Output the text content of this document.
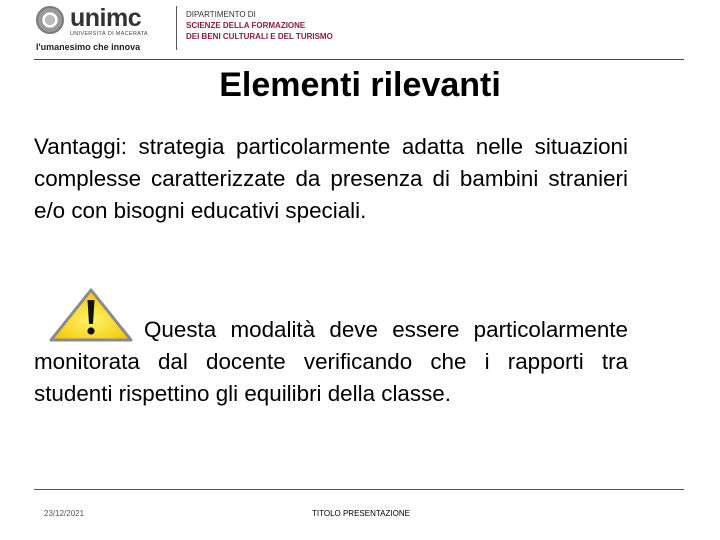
unimc
UNIVERSITÀ DI MACERATA
l'umanesimo che innova
DIPARTIMENTO DI
SCIENZE DELLA FORMAZIONE
DEI BENI CULTURALI E DEL TURISMO
Elementi rilevanti

Vantaggi: strategia particolarmente adatta nelle situazioni complesse caratterizzate da presenza di bambini stranieri e/o con bisogni educativi speciali.

Questa modalità deve essere particolarmente monitorata dal docente verificando che i rapporti tra studenti rispettino gli equilibri della classe.

23/12/2021	TITOLO PRESENTAZIONE
